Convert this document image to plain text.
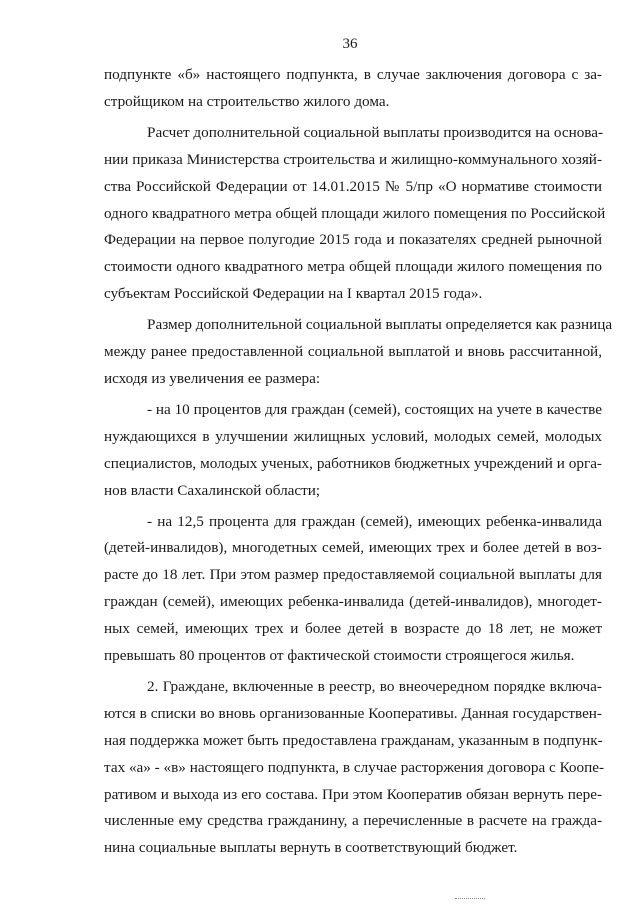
36
подпункте «б» настоящего подпункта, в случае заключения договора с за-
стройщиком на строительство жилого дома.
Расчет дополнительной социальной выплаты производится на основа-
нии приказа Министерства строительства и жилищно-коммунального хозяй-
ства Российской Федерации от 14.01.2015 № 5/пр «О нормативе стоимости
одного квадратного метра общей площади жилого помещения по Российской
Федерации на первое полугодие 2015 года и показателях средней рыночной
стоимости одного квадратного метра общей площади жилого помещения по
субъектам Российской Федерации на I квартал 2015 года».
Размер дополнительной социальной выплаты определяется как разница
между ранее предоставленной социальной выплатой и вновь рассчитанной,
исходя из увеличения ее размера:
- на 10 процентов для граждан (семей), состоящих на учете в качестве
нуждающихся в улучшении жилищных условий, молодых семей, молодых
специалистов, молодых ученых, работников бюджетных учреждений и орга-
нов власти Сахалинской области;
- на 12,5 процента для граждан (семей), имеющих ребенка-инвалида
(детей-инвалидов), многодетных семей, имеющих трех и более детей в воз-
расте до 18 лет. При этом размер предоставляемой социальной выплаты для
граждан (семей), имеющих ребенка-инвалида (детей-инвалидов), многодет-
ных семей, имеющих трех и более детей в возрасте до 18 лет, не может
превышать 80 процентов от фактической стоимости строящегося жилья.
2. Граждане, включенные в реестр, во внеочередном порядке включа-
ются в списки во вновь организованные Кооперативы. Данная государствен-
ная поддержка может быть предоставлена гражданам, указанным в подпунк-
тах «а» - «в» настоящего подпункта, в случае расторжения договора с Коопе-
ративом и выхода из его состава. При этом Кооператив обязан вернуть пере-
численные ему средства гражданину, а перечисленные в расчете на гражда-
нина социальные выплаты вернуть в соответствующий бюджет.
